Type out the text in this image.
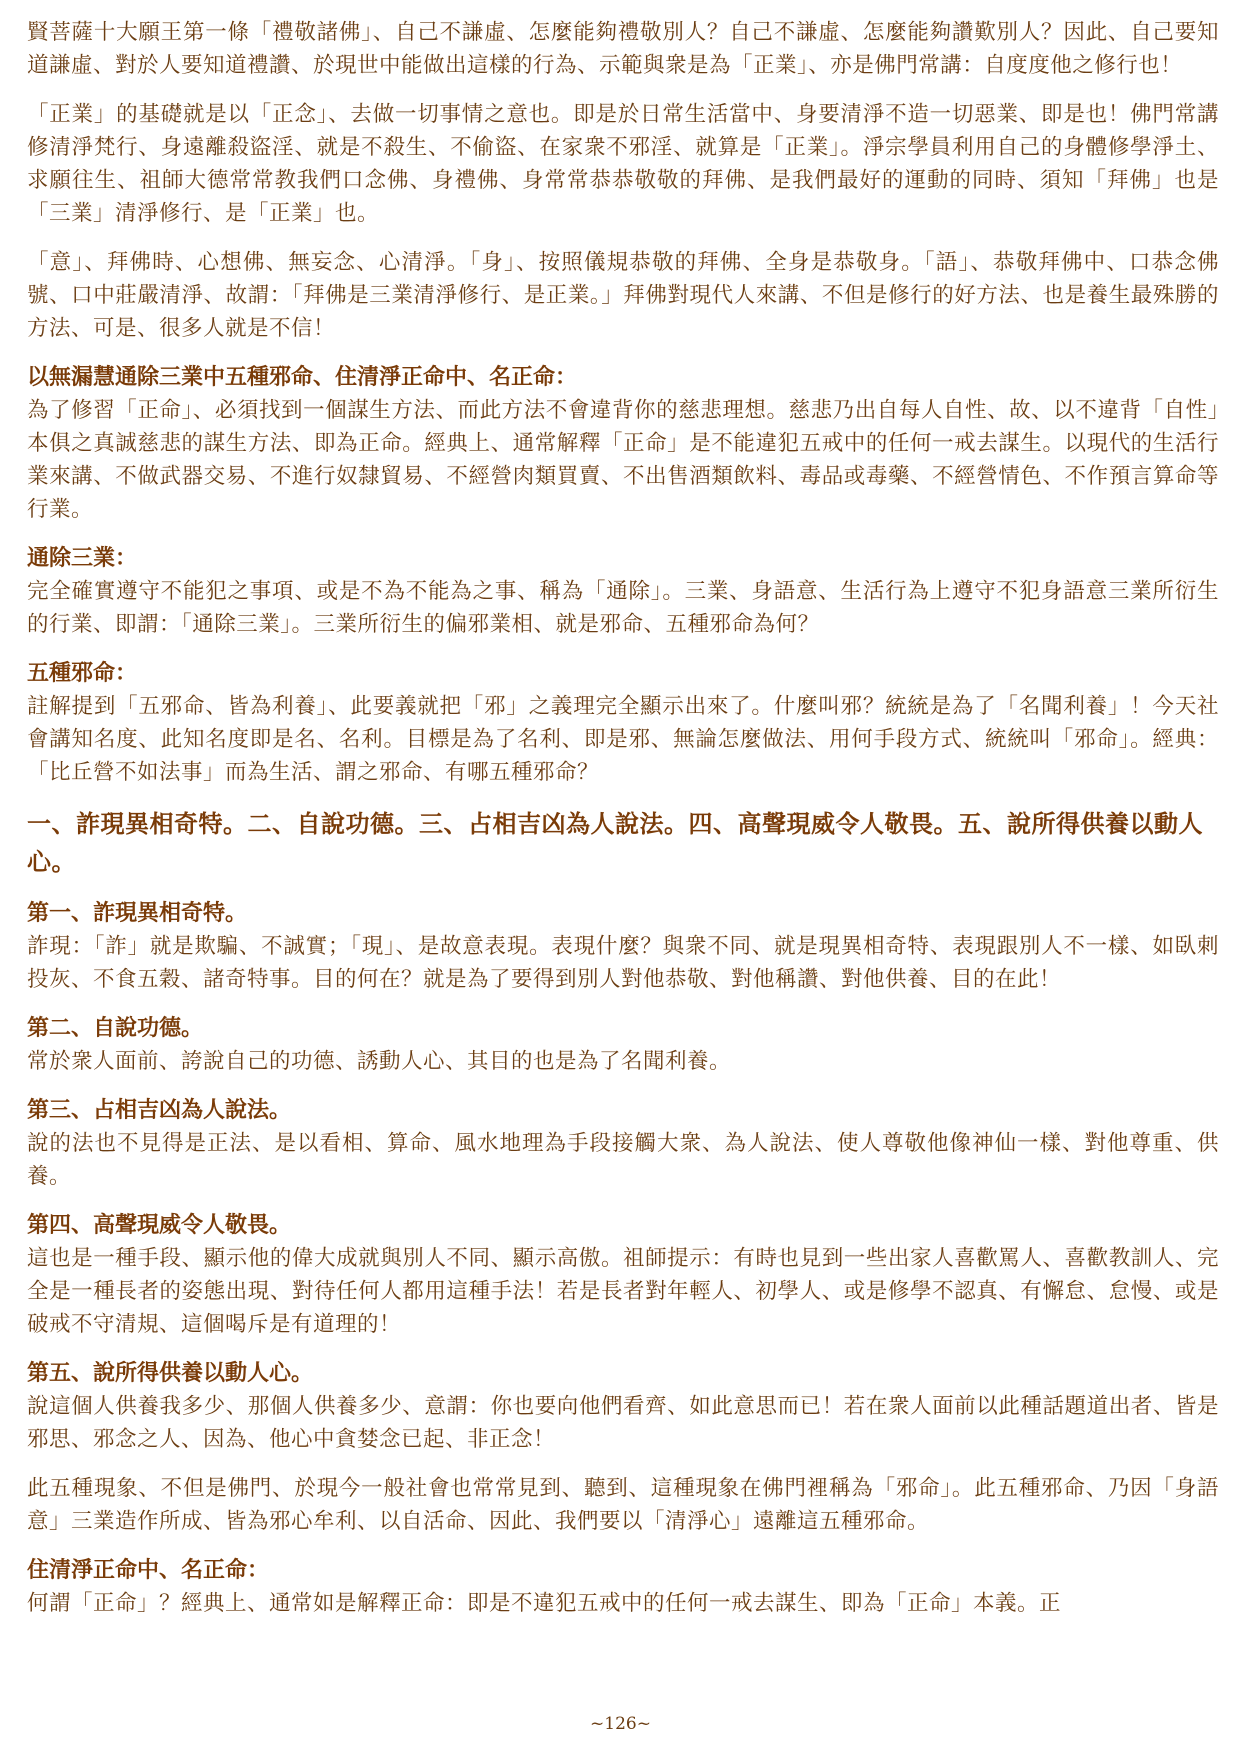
賢菩薩十大願王第一條「禮敬諸佛」、自己不謙虛、怎麼能夠禮敬別人？自己不謙虛、怎麼能夠讚歎別人？因此、自己要知道謙虛、對於人要知道禮讚、於現世中能做出這樣的行為、示範與衆是為「正業」、亦是佛門常講：自度度他之修行也！

「正業」的基礎就是以「正念」、去做一切事情之意也。即是於日常生活當中、身要清淨不造一切惡業、即是也！佛門常講修清淨梵行、身遠離殺盜淫、就是不殺生、不偷盜、在家衆不邪淫、就算是「正業」。淨宗學員利用自己的身體修學淨土、求願往生、祖師大德常常教我們口念佛、身禮佛、身常常恭恭敬敬的拜佛、是我們最好的運動的同時、須知「拜佛」也是「三業」清淨修行、是「正業」也。

「意」、拜佛時、心想佛、無妄念、心清淨。「身」、按照儀規恭敬的拜佛、全身是恭敬身。「語」、恭敬拜佛中、口恭念佛號、口中莊嚴清淨、故謂：「拜佛是三業清淨修行、是正業。」拜佛對現代人來講、不但是修行的好方法、也是養生最殊勝的方法、可是、很多人就是不信！

以無漏慧通除三業中五種邪命、住清淨正命中、名正命：

為了修習「正命」、必須找到一個謀生方法、而此方法不會違背你的慈悲理想。慈悲乃出自每人自性、故、以不違背「自性」本俱之真誠慈悲的謀生方法、即為正命。經典上、通常解釋「正命」是不能違犯五戒中的任何一戒去謀生。以現代的生活行業來講、不做武器交易、不進行奴隸貿易、不經營肉類買賣、不出售酒類飲料、毒品或毒藥、不經營情色、不作預言算命等行業。

通除三業：

完全確實遵守不能犯之事項、或是不為不能為之事、稱為「通除」。三業、身語意、生活行為上遵守不犯身語意三業所衍生的行業、即謂：「通除三業」。三業所衍生的偏邪業相、就是邪命、五種邪命為何？

五種邪命：

註解提到「五邪命、皆為利養」、此要義就把「邪」之義理完全顯示出來了。什麼叫邪？統統是為了「名聞利養」！今天社會講知名度、此知名度即是名、名利。目標是為了名利、即是邪、無論怎麼做法、用何手段方式、統統叫「邪命」。經典：「比丘營不如法事」而為生活、謂之邪命、有哪五種邪命？

一、詐現異相奇特。二、自說功德。三、占相吉凶為人說法。四、高聲現威令人敬畏。五、說所得供養以動人心。

第一、詐現異相奇特。

詐現：「詐」就是欺騙、不誠實；「現」、是故意表現。表現什麼？與衆不同、就是現異相奇特、表現跟別人不一樣、如臥刺投灰、不食五穀、諸奇特事。目的何在？就是為了要得到別人對他恭敬、對他稱讚、對他供養、目的在此！

第二、自說功德。

常於衆人面前、誇說自己的功德、誘動人心、其目的也是為了名聞利養。

第三、占相吉凶為人說法。

說的法也不見得是正法、是以看相、算命、風水地理為手段接觸大衆、為人說法、使人尊敬他像神仙一樣、對他尊重、供養。

第四、高聲現威令人敬畏。

這也是一種手段、顯示他的偉大成就與別人不同、顯示高傲。祖師提示：有時也見到一些出家人喜歡罵人、喜歡教訓人、完全是一種長者的姿態出現、對待任何人都用這種手法！若是長者對年輕人、初學人、或是修學不認真、有懈怠、怠慢、或是破戒不守清規、這個喝斥是有道理的！

第五、說所得供養以動人心。

說這個人供養我多少、那個人供養多少、意謂：你也要向他們看齊、如此意思而已！若在衆人面前以此種話題道出者、皆是邪思、邪念之人、因為、他心中貪婪念已起、非正念！

此五種現象、不但是佛門、於現今一般社會也常常見到、聽到、這種現象在佛門裡稱為「邪命」。此五種邪命、乃因「身語意」三業造作所成、皆為邪心牟利、以自活命、因此、我們要以「清淨心」遠離這五種邪命。

住清淨正命中、名正命：

何謂「正命」？經典上、通常如是解釋正命：即是不違犯五戒中的任何一戒去謀生、即為「正命」本義。正

~126~
